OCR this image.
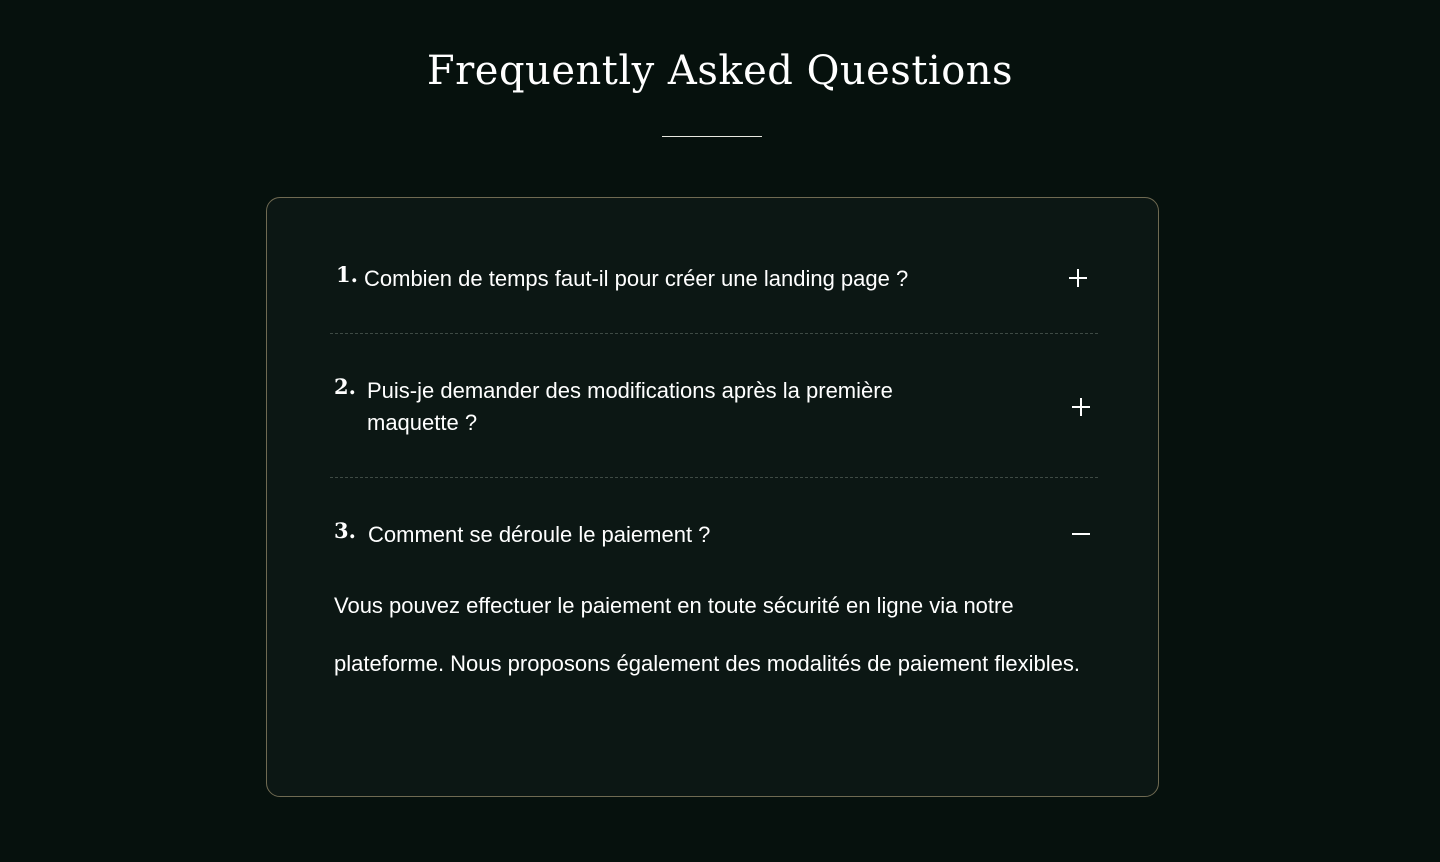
Frequently Asked Questions
1. Combien de temps faut-il pour créer une landing page ?
2. Puis-je demander des modifications après la première maquette ?
3. Comment se déroule le paiement ?

Vous pouvez effectuer le paiement en toute sécurité en ligne via notre plateforme. Nous proposons également des modalités de paiement flexibles.
